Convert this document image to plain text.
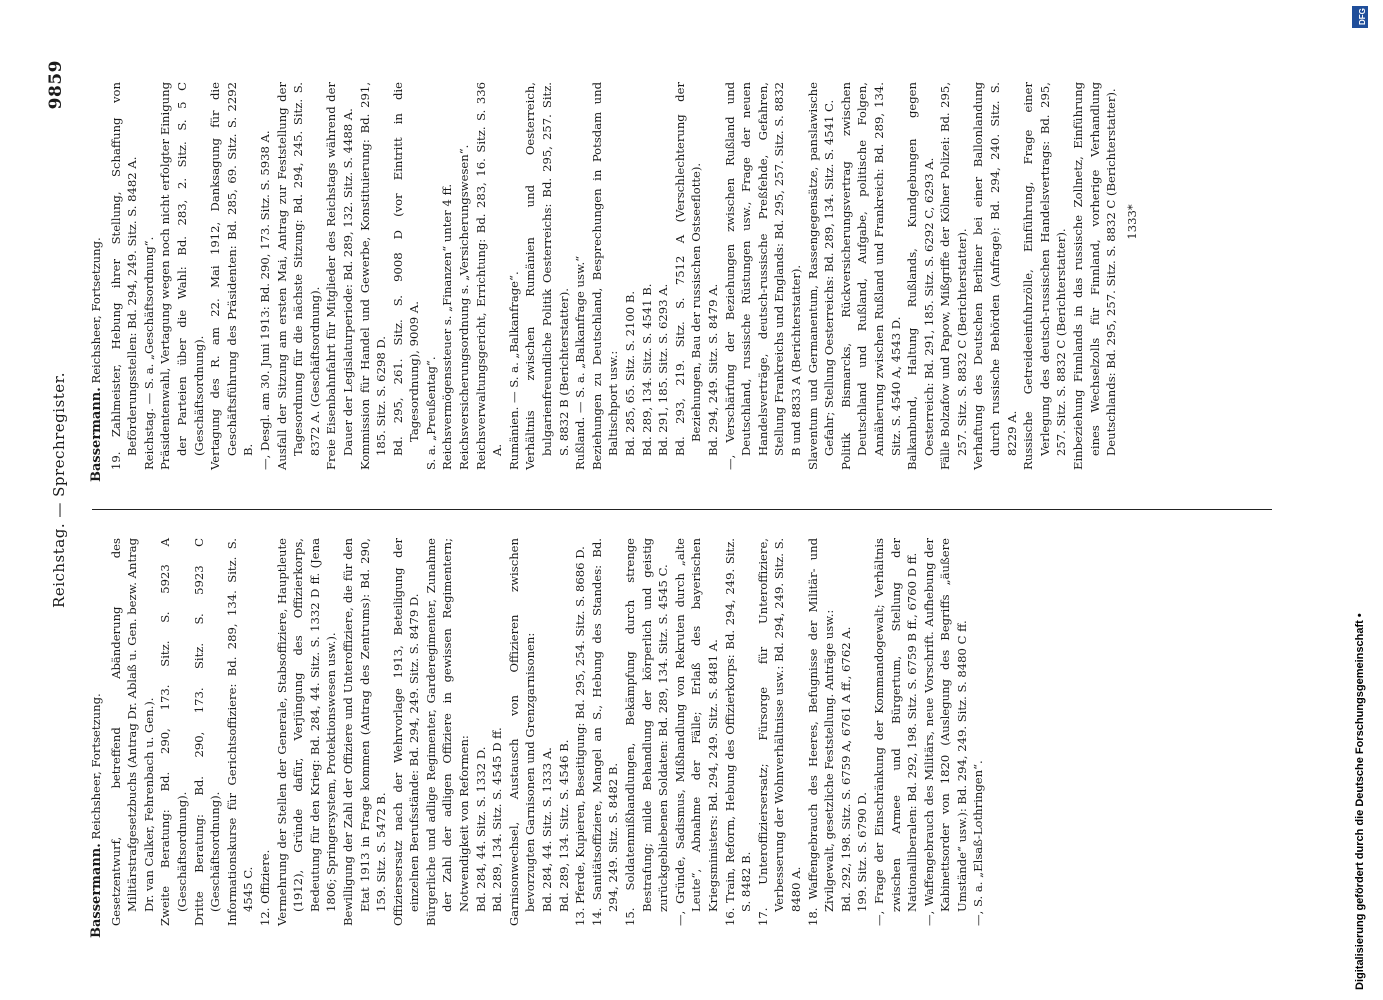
Reichstag. — Sprechregister.
9859

Bassermann. Reichsheer, Fortsetzung. Gesetzentwurf, betreffend Abänderung des Militärstrafgesetzbuchs (Antrag Dr. Ablaß u. Gen. bezw. Antrag Dr. van Calker, Fehrenbach u. Gen.). Zweite Beratung: Bd. 290, 173. Sitz. S. 5923 A (Geschäftsordnung). Dritte Beratung: Bd. 290, 173. Sitz. S. 5923 C (Geschäftsordnung). Informationskurse für Gerichtsoffiziere: Bd. 289, 134. Sitz. S. 4545 C. 12. Offiziere. Vermehrung der Stellen der Generale, Stabsoffiziere, Hauptleute (1912), Gründe dafür, Verjüngung des Offizierkorps, Bedeutung für den Krieg: Bd. 284, 44. Sitz. S. 1332 D ff. (Jena 1806; Springersystem, Protektionswesen usw.). Bewilligung der Zahl der Offiziere und Unteroffiziere, die für den Etat 1913 in Frage kommen (Antrag des Zentrums): Bd. 290, 159. Sitz. S. 5472 B. Offiziersersatz nach der Wehrvorlage 1913, Beteiligung der einzelnen Berufsstände: Bd. 294, 249. Sitz. S. 8479 D. Bürgerliche und adlige Regimenter, Garderegimenter, Zunahme der Zahl der adligen Offiziere in gewissen Regimentern; Notwendigkeit von Reformen: Bd. 284, 44. Sitz. S. 1332 D. Bd. 289, 134. Sitz. S. 4545 D ff. Garnisonwechsel, Austausch von Offizieren zwischen bevorzugten Garnisonen und Grenzgarnisonen: Bd. 284, 44. Sitz. S. 1333 A. Bd. 289, 134. Sitz. S. 4546 B. 13. Pferde, Kupieren, Beseitigung: Bd. 295, 254. Sitz. S. 8686 D. 14. Sanitätsoffiziere, Mangel an S., Hebung des Standes: Bd. 294, 249. Sitz. S. 8482 B. 15. Soldatenmißhandlungen, Bekämpfung durch strenge Bestrafung; milde Behandlung der körperlich und geistig zurückgebliebenen Soldaten: Bd. 289, 134. Sitz. S. 4545 C. —, Gründe, Sadismus, Mißhandlung von Rekruten durch „alte Leute“, Abnahme der Fälle; Erlaß des bayerischen Kriegsministers: Bd. 294, 249. Sitz. S. 8481 A. 16. Train, Reform, Hebung des Offizierkorps: Bd. 294, 249. Sitz. S. 8482 B. 17. Unteroffiziersersatz; Fürsorge für Unteroffiziere, Verbesserung der Wohnverhältnisse usw.: Bd. 294, 249. Sitz. S. 8480 A. 18. Waffengebrauch des Heeres, Befugnisse der Militär- und Zivilgewalt, gesetzliche Feststellung. Anträge usw.: Bd. 292, 198. Sitz. S. 6759 A, 6761 A ff., 6762 A. 199. Sitz. S. 6790 D. —, Frage der Einschränkung der Kommandogewalt; Verhältnis zwischen Armee und Bürgertum, Stellung der Nationalliberalen: Bd. 292, 198. Sitz. S. 6759 B ff., 6760 D ff. —, Waffengebrauch des Militärs, neue Vorschrift. Aufhebung der Kabinettsorder von 1820 (Auslegung des Begriffs „äußere Umstände“ usw.): Bd. 294, 249. Sitz. S. 8480 C ff. —, S. a. „Elsaß-Lothringen“.

Bassermann. Reichsheer, Fortsetzung. 19. Zahlmeister, Hebung ihrer Stellung, Schaffung von Beförderungsstellen: Bd. 294, 249. Sitz. S. 8482 A. Reichstag. — S. a. „Geschäftsordnung“. Präsidentenwahl, Vertagung wegen noch nicht erfolgter Einigung der Parteien über die Wahl: Bd. 283, 2. Sitz. S. 5 C (Geschäftsordnung). Vertagung des R. am 22. Mai 1912, Danksagung für die Geschäftsführung des Präsidenten: Bd. 285, 69. Sitz. S. 2292 B. —, Desgl. am 30. Juni 1913: Bd. 290, 173. Sitz. S. 5938 A. Ausfall der Sitzung am ersten Mai, Antrag zur Feststellung der Tagesordnung für die nächste Sitzung: Bd. 294, 245. Sitz. S. 8372 A. (Geschäftsordnung). Freie Eisenbahnfahrt für Mitglieder des Reichstags während der Dauer der Legislaturperiode: Bd. 289, 132. Sitz. S. 4488 A. Kommission für Handel und Gewerbe, Konstituierung: Bd. 291, 185. Sitz. S. 6298 D. Bd. 295, 261. Sitz. S. 9008 D (vor Eintritt in die Tagesordnung), 9009 A. S. a. „Preußentag“. Reichsvermögenssteuer s. „Finanzen“ unter 4 ff. Reichsversicherungsordnung s. „Versicherungswesen“. Reichsverwaltungsgericht, Errichtung: Bd. 283, 16. Sitz. S. 336 A. Rumänien. — S. a. „Balkanfrage“. Verhältnis zwischen Rumänien und Oesterreich, bulgarienfreundliche Politik Oesterreichs: Bd. 295, 257. Sitz. S. 8832 B (Berichterstatter). Rußland. — S. a. „Balkanfrage usw.“ Beziehungen zu Deutschland, Besprechungen in Potsdam und Baltischport usw.: Bd. 285, 65. Sitz. S. 2100 B. Bd. 289, 134. Sitz. S. 4541 B. Bd. 291, 185. Sitz. S. 6293 A. Bd. 293, 219. Sitz. S. 7512 A (Verschlechterung der Beziehungen, Bau der russischen Ostseeflotte). Bd. 294, 249. Sitz. S. 8479 A. —, Verschärfung der Beziehungen zwischen Rußland und Deutschland, russische Rüstungen usw., Frage der neuen Handelsverträge, deutsch-russische Preßfehde, Gefahren, Stellung Frankreichs und Englands: Bd. 295, 257. Sitz. S. 8832 B und 8833 A (Berichterstatter). Slaventum und Germanentum, Rassengegensätze, panslawische Gefahr; Stellung Oesterreichs: Bd. 289, 134. Sitz. S. 4541 C. Politik Bismarcks, Rückversicherungsvertrag zwischen Deutschland und Rußland, Aufgabe, politische Folgen, Annäherung zwischen Rußland und Frankreich: Bd. 289, 134. Sitz. S. 4540 A, 4543 D. Balkanbund, Haltung Rußlands, Kundgebungen gegen Oesterreich: Bd. 291, 185. Sitz. S. 6292 C, 6293 A. Fälle Bolzafow und Papow, Mißgriffe der Kölner Polizei: Bd. 295, 257. Sitz. S. 8832 C (Berichterstatter). Verhaftung des Deutschen Berliner bei einer Ballonlandung durch russische Behörden (Anfrage): Bd. 294, 240. Sitz. S. 8229 A. Russische Getreideeinfuhrzölle, Einführung, Frage einer Verlegung des deutsch-russischen Handelsvertrags: Bd. 295, 257. Sitz. S. 8832 C (Berichterstatter). Einbeziehung Finnlands in das russische Zollnetz, Einführung eines Wechselzolls für Finnland, vorherige Verhandlung Deutschlands: Bd. 295, 257. Sitz. S. 8832 C (Berichterstatter). 1333*

DFG
Digitalisierung gefördert durch die Deutsche Forschungsgemeinschaft •
